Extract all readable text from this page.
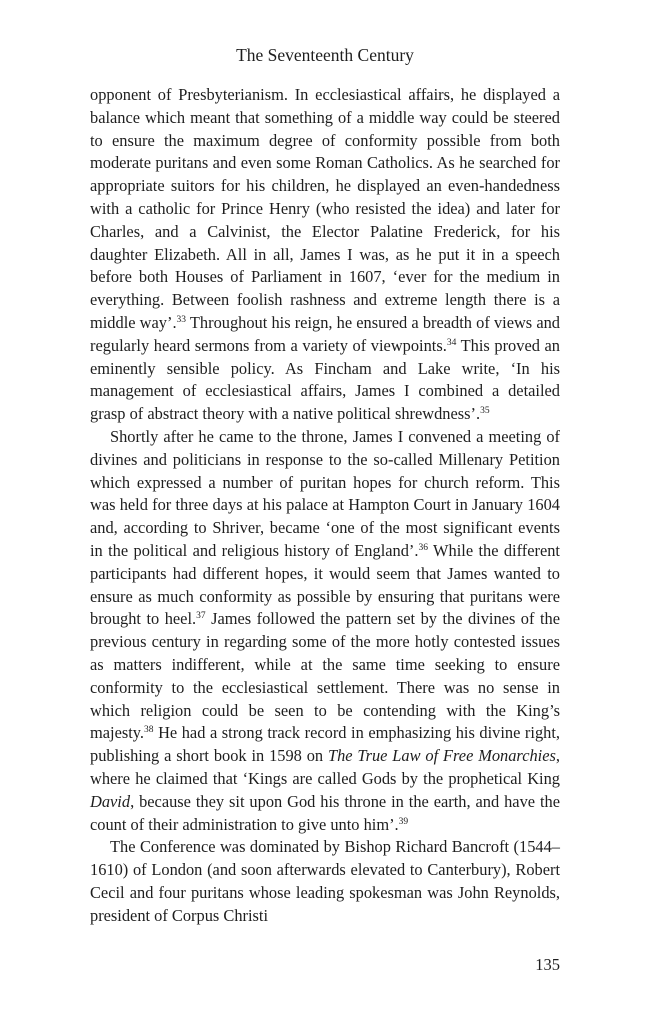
The Seventeenth Century

opponent of Presbyterianism. In ecclesiastical affairs, he displayed a balance which meant that something of a middle way could be steered to ensure the maximum degree of conformity possible from both moderate puritans and even some Roman Catholics. As he searched for appropriate suitors for his children, he displayed an even-handedness with a catholic for Prince Henry (who resisted the idea) and later for Charles, and a Calvinist, the Elector Palatine Frederick, for his daughter Elizabeth. All in all, James I was, as he put it in a speech before both Houses of Parliament in 1607, ‘ever for the medium in everything. Between foolish rashness and extreme length there is a middle way’.$^{33}$ Throughout his reign, he ensured a breadth of views and regularly heard sermons from a variety of viewpoints.$^{34}$ This proved an eminently sensible policy. As Fincham and Lake write, ‘In his management of ecclesiastical affairs, James I combined a detailed grasp of abstract theory with a native political shrewdness’.$^{35}$

Shortly after he came to the throne, James I convened a meeting of divines and politicians in response to the so-called Millenary Petition which expressed a number of puritan hopes for church reform. This was held for three days at his palace at Hampton Court in January 1604 and, according to Shriver, became ‘one of the most significant events in the political and religious history of England’.$^{36}$ While the different participants had different hopes, it would seem that James wanted to ensure as much conformity as possible by ensuring that puritans were brought to heel.$^{37}$ James followed the pattern set by the divines of the previous century in regarding some of the more hotly contested issues as matters indifferent, while at the same time seeking to ensure conformity to the ecclesiastical settlement. There was no sense in which religion could be seen to be contending with the King’s majesty.$^{38}$ He had a strong track record in emphasizing his divine right, publishing a short book in 1598 on The True Law of Free Monarchies, where he claimed that ‘Kings are called Gods by the prophetical King David, because they sit upon God his throne in the earth, and have the count of their administration to give unto him’.$^{39}$

The Conference was dominated by Bishop Richard Bancroft (1544–1610) of London (and soon afterwards elevated to Canterbury), Robert Cecil and four puritans whose leading spokesman was John Reynolds, president of Corpus Christi

135
